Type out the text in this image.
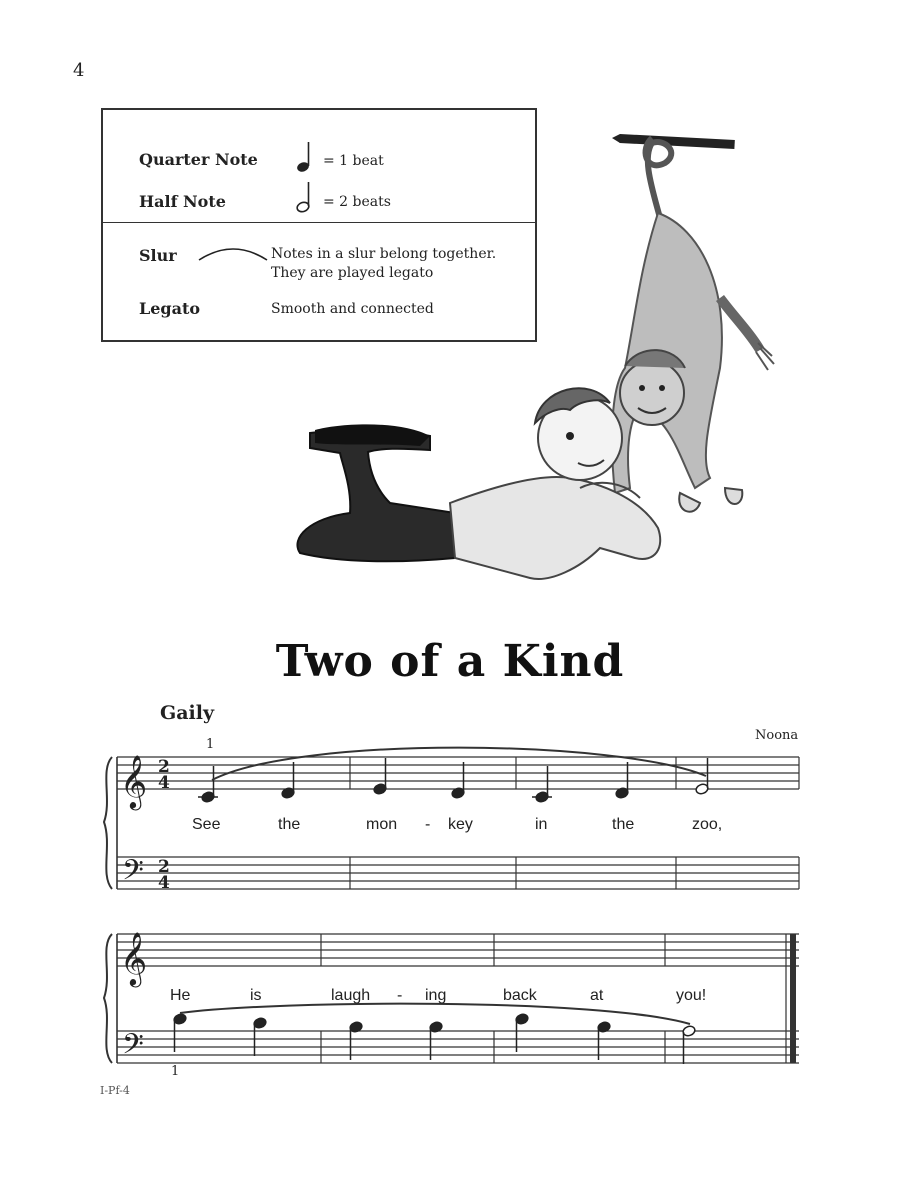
4
Quarter Note	= 1 beat
Half Note	= 2 beats
Slur	Notes in a slur belong together.
They are played legato
Legato	Smooth and connected
Two of a Kind
Gaily
Noona
𝄞
𝄢
𝄞
𝄢
2
4
2
4
1
1
See	the	mon - key	in	the	zoo,
He	is	laugh - ing	back	at	you!
I-Pf-4
